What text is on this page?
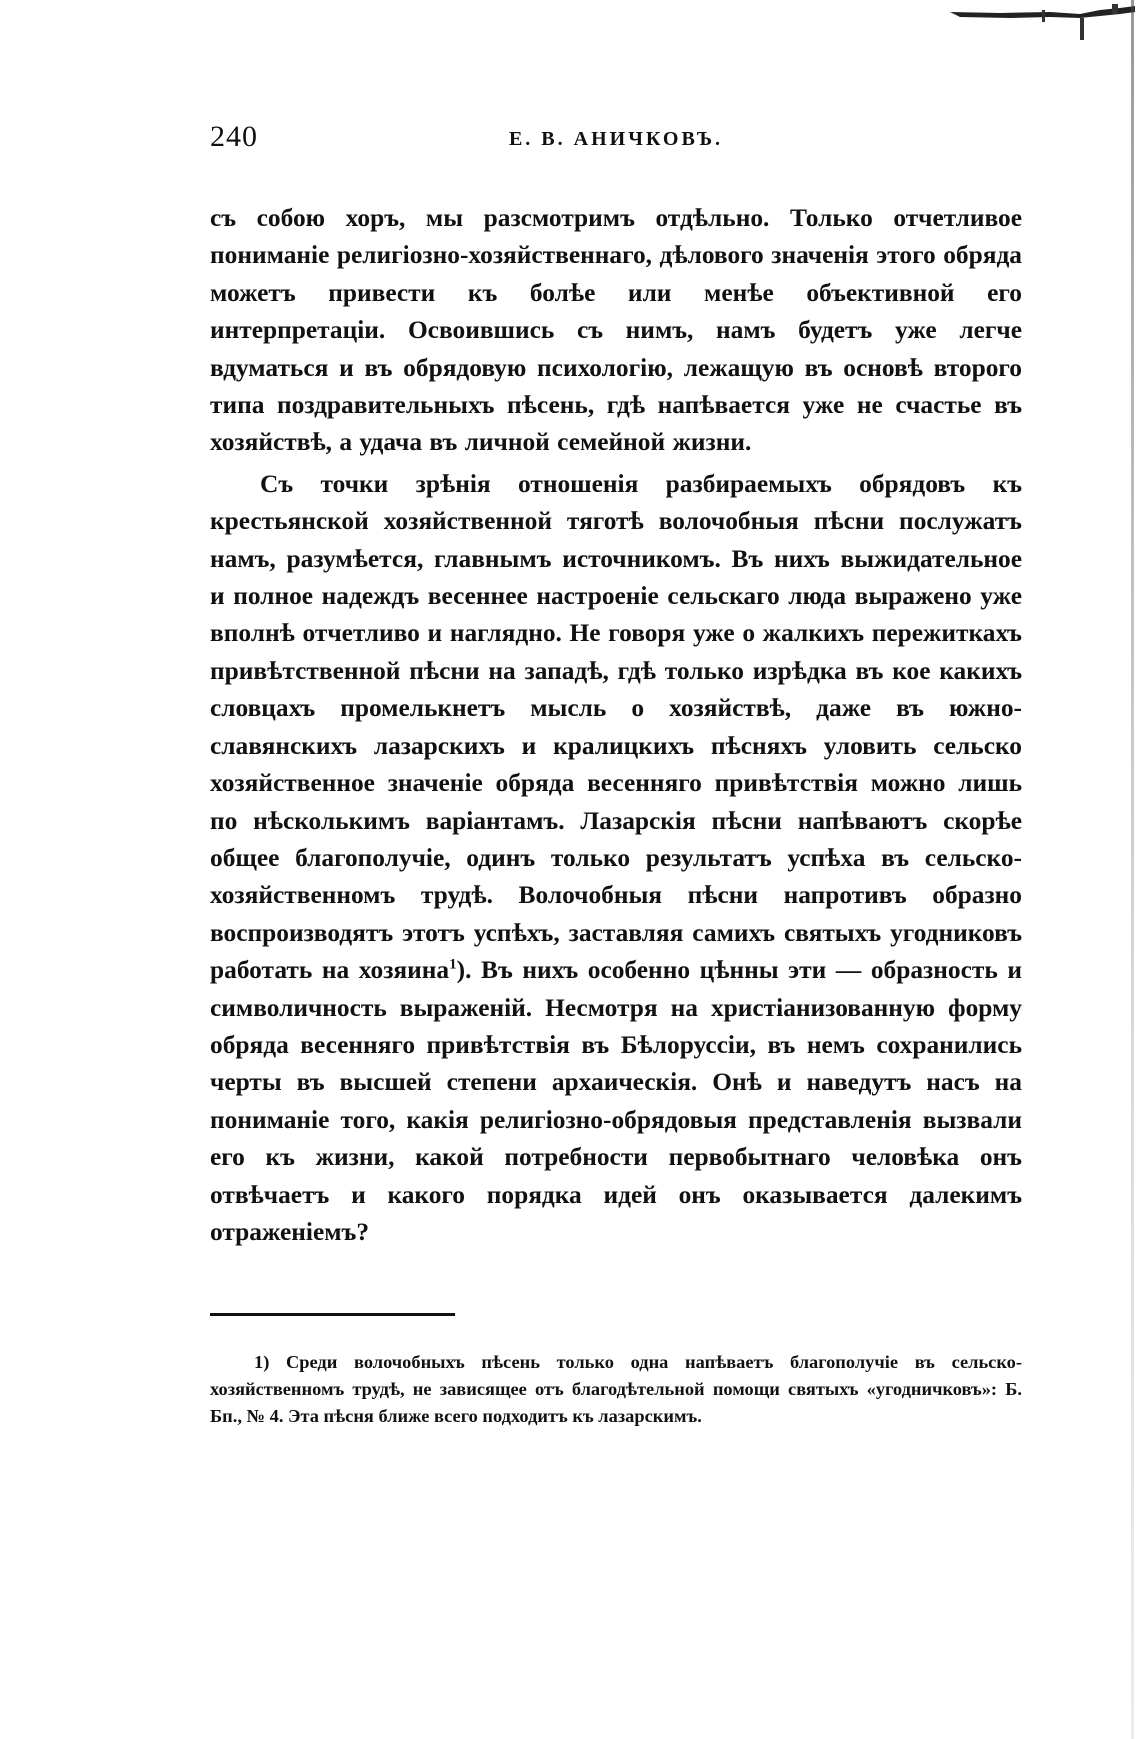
240	Е. В. АНИЧКОВЪ.

съ собою хоръ, мы разсмотримъ отдѣльно. Только отчетливое пониманіе религіозно-хозяйственнаго, дѣлового значенія этого обряда можетъ привести къ болѣе или менѣе объективной его интерпретаціи. Освоившись съ нимъ, намъ будетъ уже легче вдуматься и въ обрядовую психологію, лежащую въ основѣ второго типа поздравительныхъ пѣсень, гдѣ напѣвается уже не счастье въ хозяйствѣ, а удача въ личной семейной жизни.

Съ точки зрѣнія отношенія разбираемыхъ обрядовъ къ крестьянской хозяйственной тяготѣ волочобныя пѣсни послужатъ намъ, разумѣется, главнымъ источникомъ. Въ нихъ выжидательное и полное надеждъ весеннее настроеніе сельскаго люда выражено уже вполнѣ отчетливо и наглядно. Не говоря уже о жалкихъ пережиткахъ привѣтственной пѣсни на западѣ, гдѣ только изрѣдка въ кое какихъ словцахъ промелькнетъ мысль о хозяйствѣ, даже въ южно-славянскихъ лазарскихъ и кралицкихъ пѣсняхъ уловить сельско хозяйственное значеніе обряда весенняго привѣтствія можно лишь по нѣсколькимъ варіантамъ. Лазарскія пѣсни напѣваютъ скорѣе общее благополучіе, одинъ только результатъ успѣха въ сельско-хозяйственномъ трудѣ. Волочобныя пѣсни напротивъ образно воспроизводятъ этотъ успѣхъ, заставляя самихъ святыхъ угодниковъ работать на хозяина$^1$). Въ нихъ особенно цѣнны эти — образность и символичность выраженій. Несмотря на христіанизованную форму обряда весенняго привѣтствія въ Бѣлоруссіи, въ немъ сохранились черты въ высшей степени архаическія. Онѣ и наведутъ насъ на пониманіе того, какія религіозно-обрядовыя представленія вызвали его къ жизни, какой потребности первобытнаго человѣка онъ отвѣчаетъ и какого порядка идей онъ оказывается далекимъ отраженіемъ?

1) Среди волочобныхъ пѣсень только одна напѣваетъ благополучіе въ сельско-хозяйственномъ трудѣ, не зависящее отъ благодѣтельной помощи святыхъ «угодничковъ»: Б. Бп., № 4. Эта пѣсня ближе всего подходитъ къ лазарскимъ.
